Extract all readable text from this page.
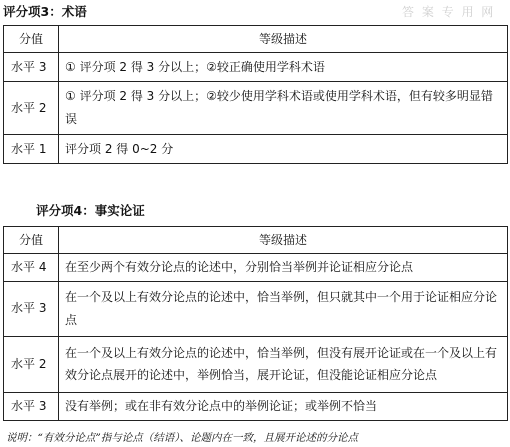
评分项3：术语	答 案 专 用 网
分值	等级描述
水平 3	① 评分项 2 得 3 分以上；②较正确使用学科术语
水平 2	① 评分项 2 得 3 分以上；②较少使用学科术语或使用学科术语，但有较多明显错误
水平 1	评分项 2 得 0~2 分
评分项4：事实论证
分值	等级描述
水平 4	在至少两个有效分论点的论述中，分别恰当举例并论证相应分论点
水平 3	在一个及以上有效分论点的论述中，恰当举例，但只就其中一个用于论证相应分论点
水平 2	在一个及以上有效分论点的论述中，恰当举例，但没有展开论证或在一个及以上有效分论点展开的论述中，举例恰当，展开论证，但没能论证相应分论点
水平 3	没有举例；或在非有效分论点中的举例论证；或举例不恰当
说明：“有效分论点”指与论点（结语）、论题内在一致，且展开论述的分论点
